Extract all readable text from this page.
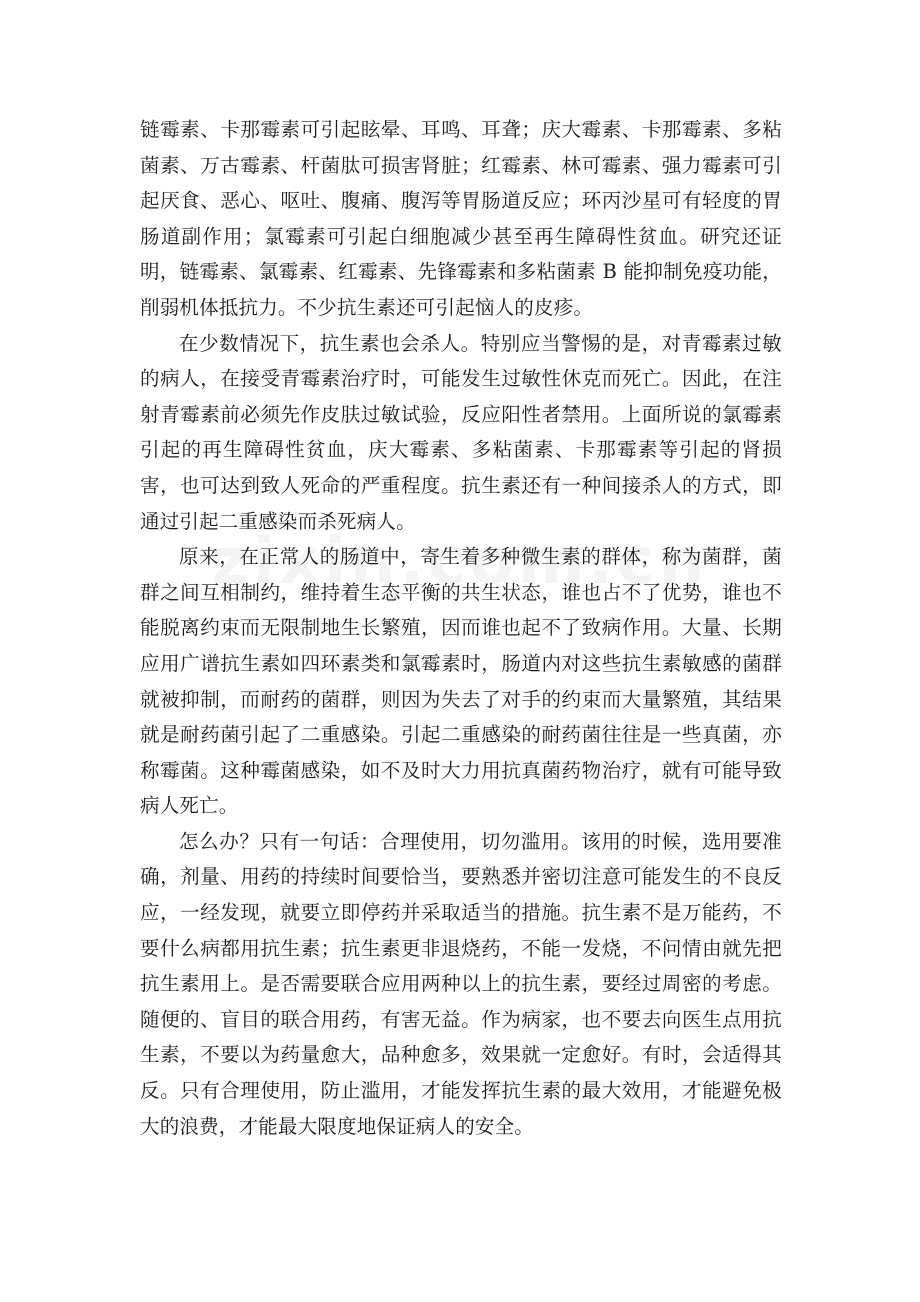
链霉素、卡那霉素可引起眩晕、耳鸣、耳聋；庆大霉素、卡那霉素、多粘菌素、万古霉素、杆菌肽可损害肾脏；红霉素、林可霉素、强力霉素可引起厌食、恶心、呕吐、腹痛、腹泻等胃肠道反应；环丙沙星可有轻度的胃肠道副作用；氯霉素可引起白细胞减少甚至再生障碍性贫血。研究还证明，链霉素、氯霉素、红霉素、先锋霉素和多粘菌素 B 能抑制免疫功能，削弱机体抵抗力。不少抗生素还可引起恼人的皮疹。

在少数情况下，抗生素也会杀人。特别应当警惕的是，对青霉素过敏的病人，在接受青霉素治疗时，可能发生过敏性休克而死亡。因此，在注射青霉素前必须先作皮肤过敏试验，反应阳性者禁用。上面所说的氯霉素引起的再生障碍性贫血，庆大霉素、多粘菌素、卡那霉素等引起的肾损害，也可达到致人死命的严重程度。抗生素还有一种间接杀人的方式，即通过引起二重感染而杀死病人。

原来，在正常人的肠道中，寄生着多种微生素的群体，称为菌群，菌群之间互相制约，维持着生态平衡的共生状态，谁也占不了优势，谁也不能脱离约束而无限制地生长繁殖，因而谁也起不了致病作用。大量、长期应用广谱抗生素如四环素类和氯霉素时，肠道内对这些抗生素敏感的菌群就被抑制，而耐药的菌群，则因为失去了对手的约束而大量繁殖，其结果就是耐药菌引起了二重感染。引起二重感染的耐药菌往往是一些真菌，亦称霉菌。这种霉菌感染，如不及时大力用抗真菌药物治疗，就有可能导致病人死亡。

怎么办？只有一句话：合理使用，切勿滥用。该用的时候，选用要准确，剂量、用药的持续时间要恰当，要熟悉并密切注意可能发生的不良反应，一经发现，就要立即停药并采取适当的措施。抗生素不是万能药，不要什么病都用抗生素；抗生素更非退烧药，不能一发烧，不问情由就先把抗生素用上。是否需要联合应用两种以上的抗生素，要经过周密的考虑。随便的、盲目的联合用药，有害无益。作为病家，也不要去向医生点用抗生素，不要以为药量愈大，品种愈多，效果就一定愈好。有时，会适得其反。只有合理使用，防止滥用，才能发挥抗生素的最大效用，才能避免极大的浪费，才能最大限度地保证病人的安全。
